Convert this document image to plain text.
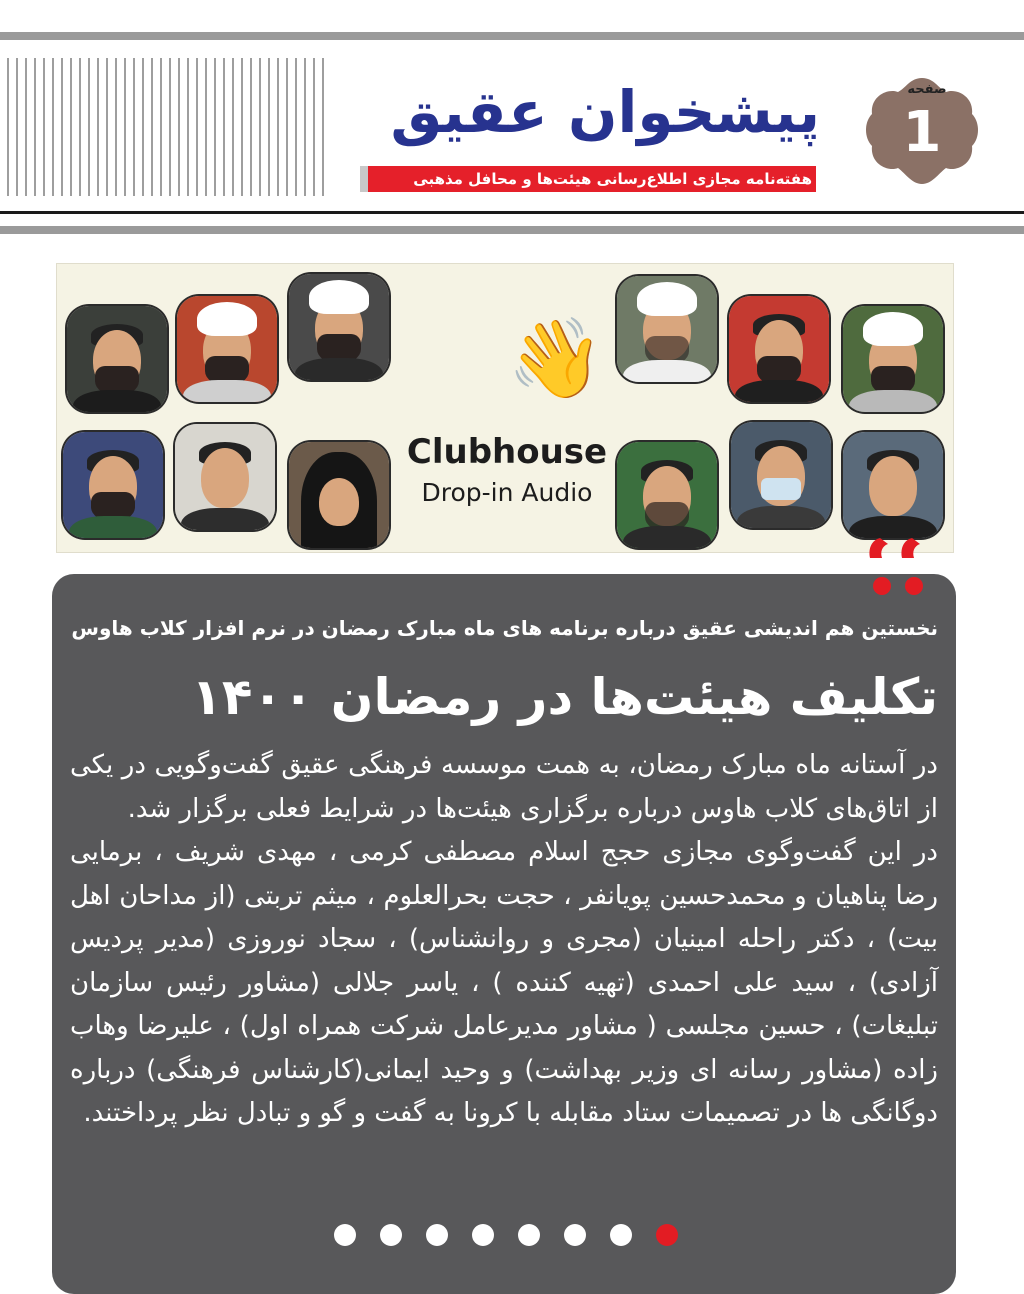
پیشخوان عقیق
هفته‌نامه مجازی اطلاع‌رسانی هیئت‌ها و محافل مذهبی
صفحه
1
👋
Clubhouse
Drop-in Audio
نخستین هم اندیشی عقیق درباره برنامه های ماه مبارک رمضان در نرم افزار کلاب هاوس
تکلیف هیئت‌ها در رمضان ۱۴۰۰

در آستانه ماه مبارک رمضان، به همت موسسه فرهنگی عقیق گفت‌وگویی در یکی از اتاق‌های کلاب هاوس درباره برگزاری هیئت‌ها در شرایط فعلی برگزار شد.

در این گفت‌وگوی مجازی حجج اسلام مصطفی کرمی ، مهدی شریف ، برمایی رضا پناهیان و محمدحسین پویانفر ، حجت بحرالعلوم ، میثم تربتی (از مداحان اهل بیت) ، دکتر راحله امینیان (مجری و روانشناس) ، سجاد نوروزی (مدیر پردیس آزادی) ، سید علی احمدی (تهیه کننده ) ، یاسر جلالی (مشاور رئیس سازمان تبلیغات) ، حسین مجلسی ( مشاور مدیرعامل شرکت همراه اول) ، علیرضا وهاب زاده (مشاور رسانه ای وزیر بهداشت) و وحید ایمانی(کارشناس فرهنگی) درباره دوگانگی ها در تصمیمات ستاد مقابله با کرونا به گفت و گو و تبادل نظر پرداختند.
